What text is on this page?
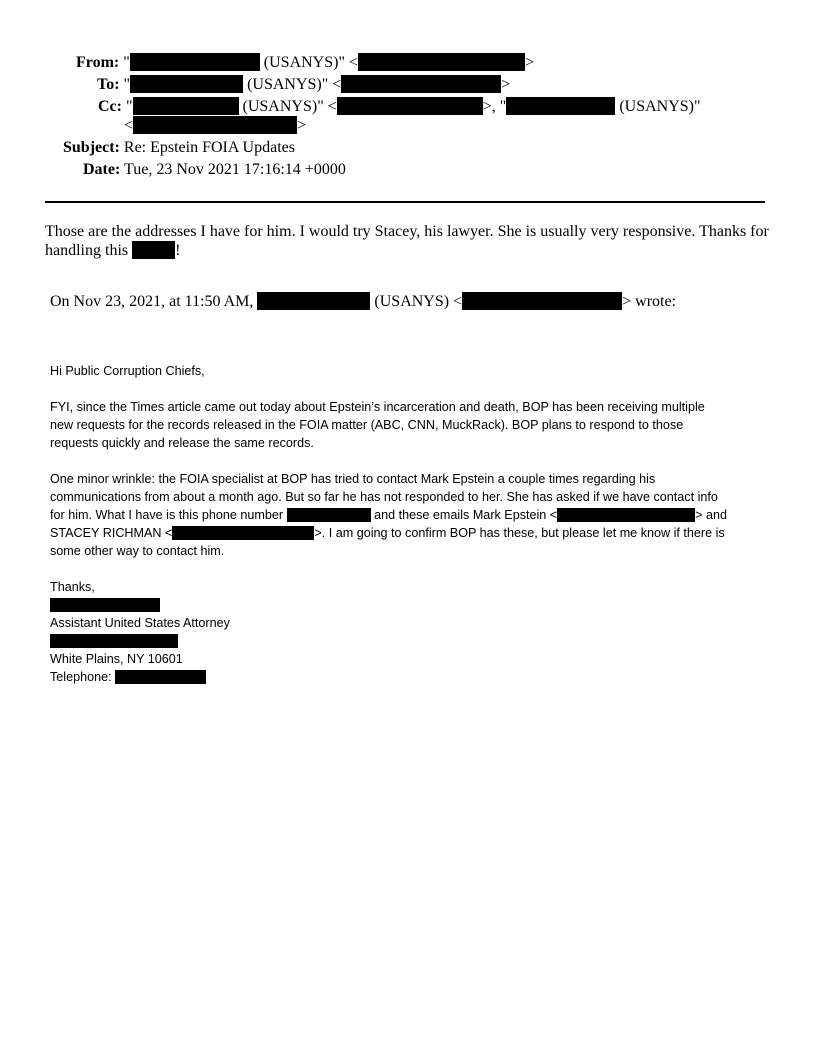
From: "	(USANYS)" <	>
To: "	(USANYS)" <	>
Cc: "	(USANYS)" <	>, "	(USANYS)"
<	>
Subject: Re: Epstein FOIA Updates
Date: Tue, 23 Nov 2021 17:16:14 +0000
Those are the addresses I have for him. I would try Stacey, his lawyer. She is usually very responsive. Thanks for
handling this	!
On Nov 23, 2021, at 11:50 AM,	(USANYS) <	> wrote:
Hi Public Corruption Chiefs,
FYI, since the Times article came out today about Epstein’s incarceration and death, BOP has been receiving multiple
new requests for the records released in the FOIA matter (ABC, CNN, MuckRack). BOP plans to respond to those
requests quickly and release the same records.
One minor wrinkle: the FOIA specialist at BOP has tried to contact Mark Epstein a couple times regarding his
communications from about a month ago. But so far he has not responded to her. She has asked if we have contact info
for him. What I have is this phone number	and these emails Mark Epstein <	> and
STACEY RICHMAN <	>. I am going to confirm BOP has these, but please let me know if there is
some other way to contact him.
Thanks,
Assistant United States Attorney
White Plains, NY 10601
Telephone:
